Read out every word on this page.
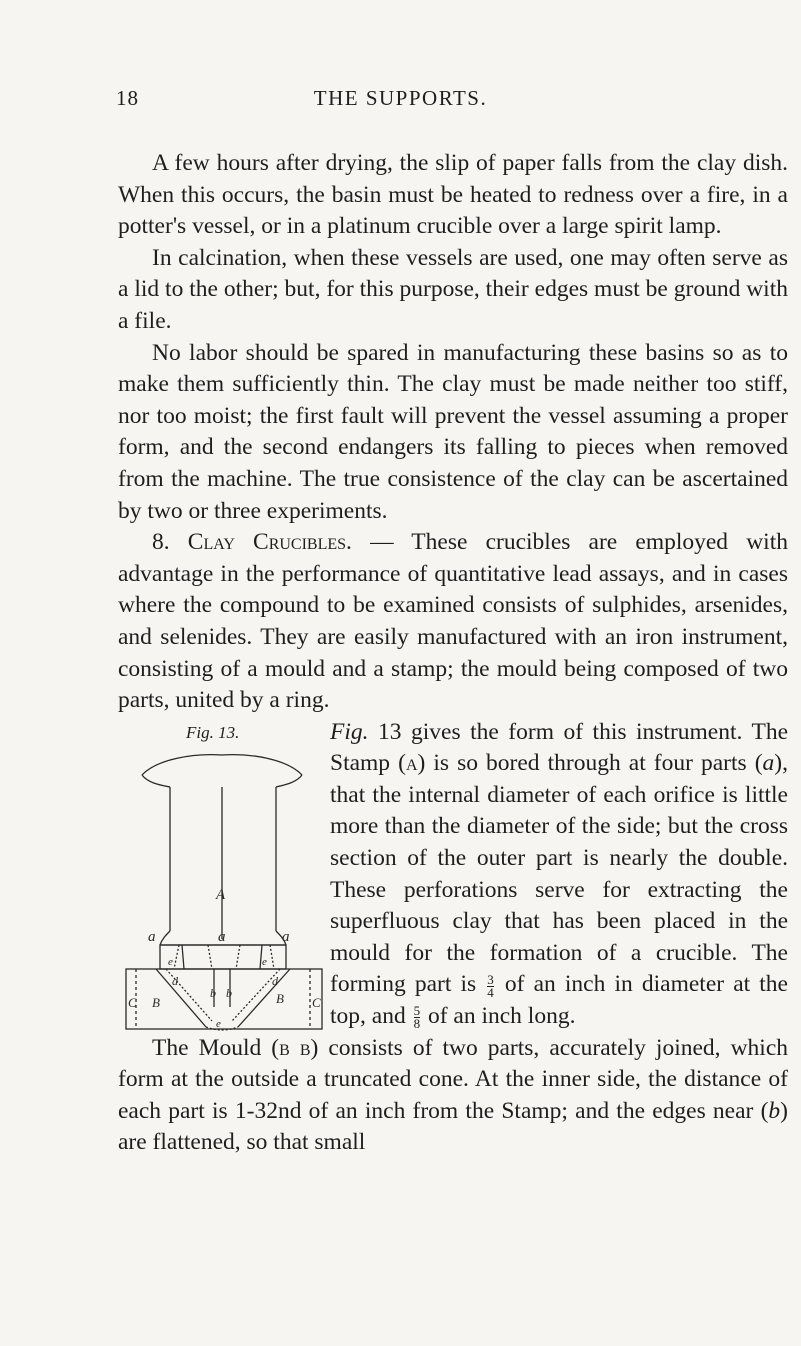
18	THE SUPPORTS.

A few hours after drying, the slip of paper falls from the clay dish. When this occurs, the basin must be heated to redness over a fire, in a potter's vessel, or in a platinum crucible over a large spirit lamp.

In calcination, when these vessels are used, one may often serve as a lid to the other; but, for this purpose, their edges must be ground with a file.

No labor should be spared in manufacturing these basins so as to make them sufficiently thin. The clay must be made neither too stiff, nor too moist; the first fault will prevent the vessel assuming a proper form, and the second endangers its falling to pieces when removed from the machine. The true consistence of the clay can be ascertained by two or three experiments.

8. Clay Crucibles. — These crucibles are employed with advantage in the performance of quantitative lead assays, and in cases where the compound to be examined consists of sulphides, arsenides, and selenides. They are easily manufactured with an iron instrument, consisting of a mould and a stamp; the mould being composed of two parts, united by a ring.

Fig. 13.
A
a	a	a
e	e
d	d
b b
C B	B C
e
Fig. 13 gives the form of this instrument. The Stamp (a) is so bored through at four parts (a), that the internal diameter of each orifice is little more than the diameter of the side; but the cross section of the outer part is nearly the double. These perforations serve for extracting the superfluous clay that has been placed in the mould for the formation of a crucible. The forming part is $\frac{3}{4}$ of an inch in diameter at the top, and $\frac{5}{8}$ of an inch long.

The Mould (b b) consists of two parts, accurately joined, which form at the outside a truncated cone. At the inner side, the distance of each part is 1-32nd of an inch from the Stamp; and the edges near (b) are flattened, so that small
